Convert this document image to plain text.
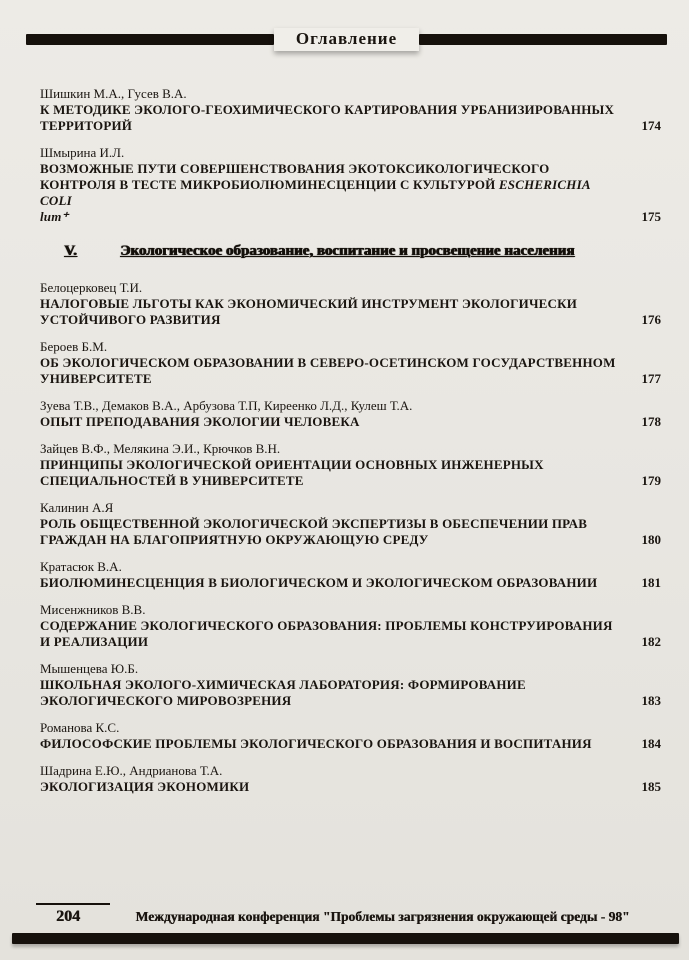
Оглавление
Шишкин М.А., Гусев В.А.
К МЕТОДИКЕ ЭКОЛОГО-ГЕОХИМИЧЕСКОГО КАРТИРОВАНИЯ УРБАНИЗИРОВАННЫХ ТЕРРИТОРИЙ	174
Шмырина И.Л.
ВОЗМОЖНЫЕ ПУТИ СОВЕРШЕНСТВОВАНИЯ ЭКОТОКСИКОЛОГИЧЕСКОГО КОНТРОЛЯ В ТЕСТЕ МИКРОБИОЛЮМИНЕСЦЕНЦИИ С КУЛЬТУРОЙ ESCHERICHIA COLI
lum⁺	175
V.	Экологическое образование, воспитание и просвещение населения
Белоцерковец Т.И.
НАЛОГОВЫЕ ЛЬГОТЫ КАК ЭКОНОМИЧЕСКИЙ ИНСТРУМЕНТ ЭКОЛОГИЧЕСКИ УСТОЙЧИВОГО РАЗВИТИЯ	176
Бероев Б.М.
ОБ ЭКОЛОГИЧЕСКОМ ОБРАЗОВАНИИ В СЕВЕРО-ОСЕТИНСКОМ ГОСУДАРСТВЕННОМ УНИВЕРСИТЕТЕ	177
Зуева Т.В., Демаков В.А., Арбузова Т.П, Киреенко Л.Д., Кулеш Т.А.
ОПЫТ ПРЕПОДАВАНИЯ ЭКОЛОГИИ ЧЕЛОВЕКА	178
Зайцев В.Ф., Мелякина Э.И., Крючков В.Н.
ПРИНЦИПЫ ЭКОЛОГИЧЕСКОЙ ОРИЕНТАЦИИ ОСНОВНЫХ ИНЖЕНЕРНЫХ СПЕЦИАЛЬНОСТЕЙ В УНИВЕРСИТЕТЕ	179
Калинин А.Я
РОЛЬ ОБЩЕСТВЕННОЙ ЭКОЛОГИЧЕСКОЙ ЭКСПЕРТИЗЫ В ОБЕСПЕЧЕНИИ ПРАВ ГРАЖДАН НА БЛАГОПРИЯТНУЮ ОКРУЖАЮЩУЮ СРЕДУ	180
Кратасюк В.А.
БИОЛЮМИНЕСЦЕНЦИЯ В БИОЛОГИЧЕСКОМ И ЭКОЛОГИЧЕСКОМ ОБРАЗОВАНИИ	181
Мисенжников В.В.
СОДЕРЖАНИЕ ЭКОЛОГИЧЕСКОГО ОБРАЗОВАНИЯ: ПРОБЛЕМЫ КОНСТРУИРОВАНИЯ И РЕАЛИЗАЦИИ	182
Мышенцева Ю.Б.
ШКОЛЬНАЯ ЭКОЛОГО-ХИМИЧЕСКАЯ ЛАБОРАТОРИЯ: ФОРМИРОВАНИЕ ЭКОЛОГИЧЕСКОГО МИРОВОЗРЕНИЯ	183
Романова К.С.
ФИЛОСОФСКИЕ ПРОБЛЕМЫ ЭКОЛОГИЧЕСКОГО ОБРАЗОВАНИЯ И ВОСПИТАНИЯ	184
Шадрина Е.Ю., Андрианова Т.А.
ЭКОЛОГИЗАЦИЯ ЭКОНОМИКИ	185
204	Международная конференция "Проблемы загрязнения окружающей среды - 98"
